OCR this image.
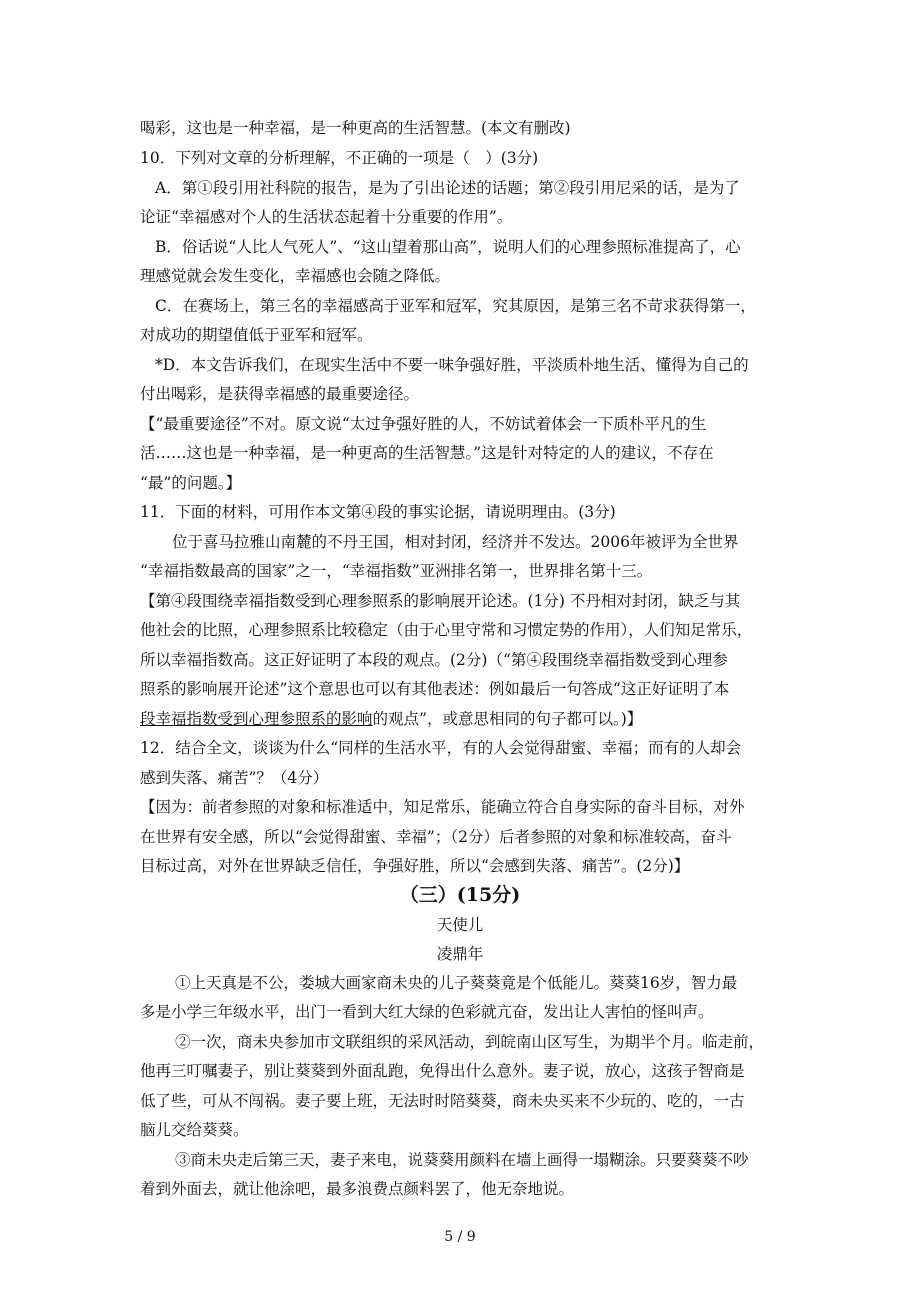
喝彩，这也是一种幸福，是一种更高的生活智慧。(本文有删改)
10．下列对文章的分析理解，不正确的一项是（　）(3分)
A．第①段引用社科院的报告，是为了引出论述的话题；第②段引用尼采的话，是为了
论证“幸福感对个人的生活状态起着十分重要的作用”。
B．俗话说“人比人气死人”、“这山望着那山高”，说明人们的心理参照标准提高了，心
理感觉就会发生变化，幸福感也会随之降低。
C．在赛场上，第三名的幸福感高于亚军和冠军，究其原因，是第三名不苛求获得第一，
对成功的期望值低于亚军和冠军。
*D．本文告诉我们，在现实生活中不要一味争强好胜，平淡质朴地生活、懂得为自己的
付出喝彩，是获得幸福感的最重要途径。
【“最重要途径”不对。原文说“太过争强好胜的人，不妨试着体会一下质朴平凡的生
活……这也是一种幸福，是一种更高的生活智慧。”这是针对特定的人的建议，不存在
“最”的问题。】
11．下面的材料，可用作本文第④段的事实论据，请说明理由。(3分)
位于喜马拉雅山南麓的不丹王国，相对封闭，经济并不发达。2006年被评为全世界
“幸福指数最高的国家”之一，“幸福指数”亚洲排名第一，世界排名第十三。
【第④段围绕幸福指数受到心理参照系的影响展开论述。(1分) 不丹相对封闭，缺乏与其
他社会的比照，心理参照系比较稳定（由于心里守常和习惯定势的作用），人们知足常乐，
所以幸福指数高。这正好证明了本段的观点。(2分)（“第④段围绕幸福指数受到心理参
照系的影响展开论述”这个意思也可以有其他表述：例如最后一句答成“这正好证明了本
段幸福指数受到心理参照系的影响的观点”，或意思相同的句子都可以。)】
12．结合全文，谈谈为什么“同样的生活水平，有的人会觉得甜蜜、幸福；而有的人却会
感到失落、痛苦”？（4分）
【因为：前者参照的对象和标准适中，知足常乐，能确立符合自身实际的奋斗目标，对外
在世界有安全感，所以“会觉得甜蜜、幸福”；（2分）后者参照的对象和标准较高，奋斗
目标过高，对外在世界缺乏信任，争强好胜，所以“会感到失落、痛苦”。(2分)】
（三）(15分)
天使儿
凌鼎年
①上天真是不公，娄城大画家商未央的儿子葵葵竟是个低能儿。葵葵16岁，智力最
多是小学三年级水平，出门一看到大红大绿的色彩就亢奋，发出让人害怕的怪叫声。
②一次，商未央参加市文联组织的采风活动，到皖南山区写生，为期半个月。临走前，
他再三叮嘱妻子，别让葵葵到外面乱跑，免得出什么意外。妻子说，放心，这孩子智商是
低了些，可从不闯祸。妻子要上班，无法时时陪葵葵，商未央买来不少玩的、吃的，一古
脑儿交给葵葵。
③商未央走后第三天，妻子来电，说葵葵用颜料在墙上画得一塌糊涂。只要葵葵不吵
着到外面去，就让他涂吧，最多浪费点颜料罢了，他无奈地说。
5 / 9
